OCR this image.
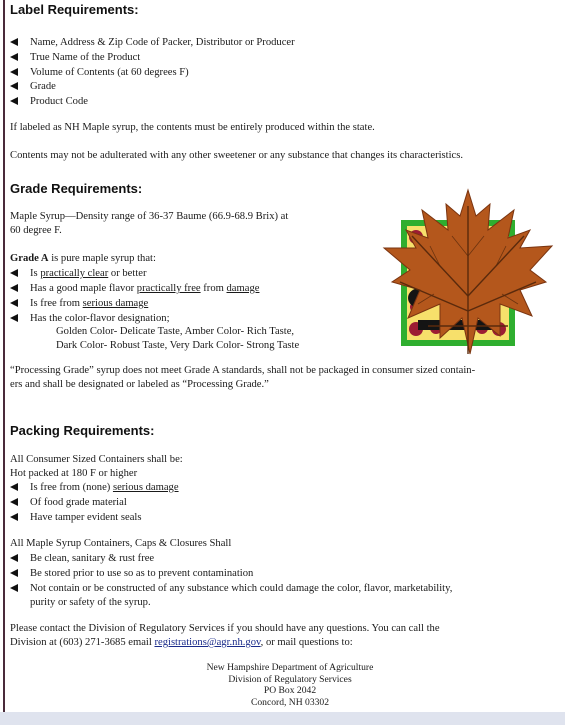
Label Requirements:
Name, Address & Zip Code of Packer, Distributor or Producer
True Name of the Product
Volume of Contents (at 60 degrees F)
Grade
Product Code
If labeled as NH Maple syrup, the contents must be entirely produced within the state.
Contents may not be adulterated with any other sweetener or any substance that changes its characteristics.
Grade Requirements:
Maple Syrup—Density range of 36-37 Baume (66.9-68.9 Brix) at
60 degree F.
Grade A is pure maple syrup that:
Is practically clear or better
Has a good maple flavor practically free from damage
Is free from serious damage
Has the color-flavor designation;
Golden Color- Delicate Taste, Amber Color- Rich Taste,
Dark Color- Robust Taste, Very Dark Color- Strong Taste
“Processing Grade” syrup does not meet Grade A standards, shall not be packaged in consumer sized contain-
ers and shall be designated or labeled as “Processing Grade.”
Packing Requirements:
All Consumer Sized Containers shall be:
Hot packed at 180 F or higher
Is free from (none) serious damage
Of food grade material
Have tamper evident seals
All Maple Syrup Containers, Caps & Closures Shall
Be clean, sanitary & rust free
Be stored prior to use so as to prevent contamination
Not contain or be constructed of any substance which could damage the color, flavor, marketability,
purity or safety of the syrup.
Please contact the Division of Regulatory Services if you should have any questions. You can call the
Division at (603) 271-3685 email registrations@agr.nh.gov, or mail questions to:
New Hampshire Department of Agriculture
Division of Regulatory Services
PO Box 2042
Concord, NH 03302
